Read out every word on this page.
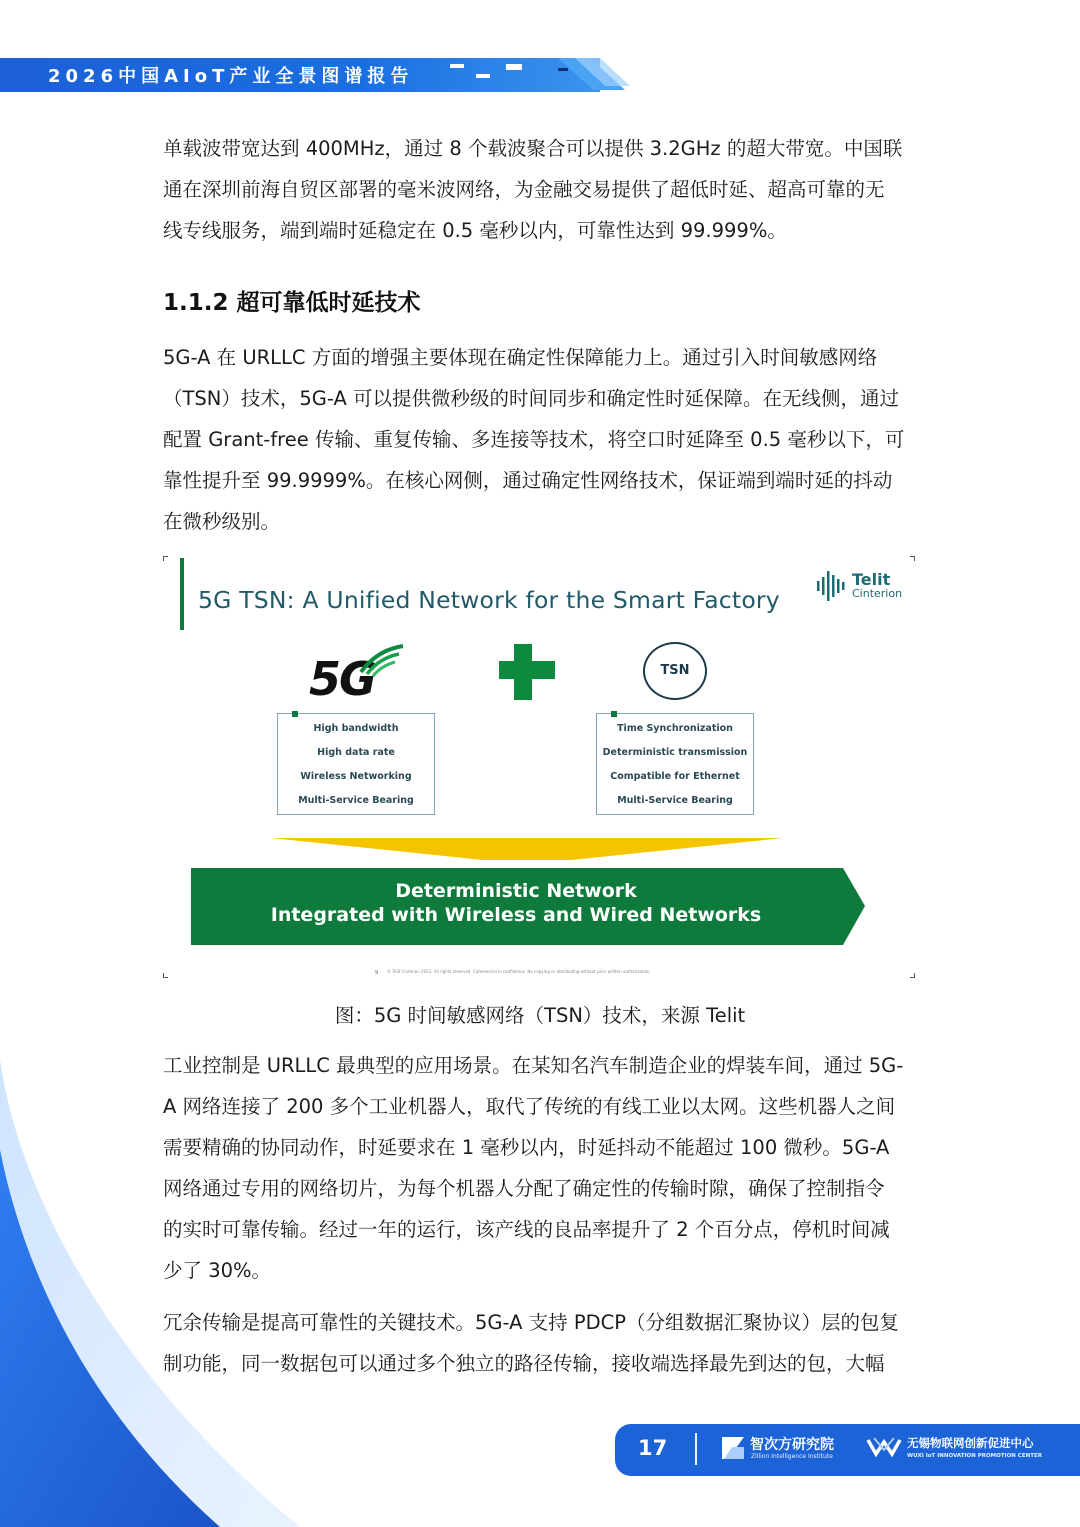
2026中国AIoT产业全景图谱报告

单载波带宽达到 400MHz，通过 8 个载波聚合可以提供 3.2GHz 的超大带宽。中国联

通在深圳前海自贸区部署的毫米波网络，为金融交易提供了超低时延、超高可靠的无

线专线服务，端到端时延稳定在 0.5 毫秒以内，可靠性达到 99.999%。

1.1.2 超可靠低时延技术

5G-A 在 URLLC 方面的增强主要体现在确定性保障能力上。通过引入时间敏感网络

（TSN）技术，5G-A 可以提供微秒级的时间同步和确定性时延保障。在无线侧，通过

配置 Grant-free 传输、重复传输、多连接等技术，将空口时延降至 0.5 毫秒以下，可

靠性提升至 99.9999%。在核心网侧，通过确定性网络技术，保证端到端时延的抖动

在微秒级别。

5G TSN: A Unified Network for the Smart Factory
Telit
Cinterion
5G	TSN
High bandwidth
High data rate
Wireless Networking
Multi-Service Bearing
Time Synchronization
Deterministic transmission
Compatible for Ethernet
Multi-Service Bearing
Deterministic Network
Integrated with Wireless and Wired Networks
9 © Telit Cinterion 2023. All rights reserved. Commercial in confidence. No copying or distributing without prior written authorization
图：5G 时间敏感网络（TSN）技术，来源 Telit

工业控制是 URLLC 最典型的应用场景。在某知名汽车制造企业的焊装车间，通过 5G-

A 网络连接了 200 多个工业机器人，取代了传统的有线工业以太网。这些机器人之间

需要精确的协同动作，时延要求在 1 毫秒以内，时延抖动不能超过 100 微秒。5G-A

网络通过专用的网络切片，为每个机器人分配了确定性的传输时隙，确保了控制指令

的实时可靠传输。经过一年的运行，该产线的良品率提升了 2 个百分点，停机时间减

少了 30%。

冗余传输是提高可靠性的关键技术。5G-A 支持 PDCP（分组数据汇聚协议）层的包复

制功能，同一数据包可以通过多个独立的路径传输，接收端选择最先到达的包，大幅

17	智次方研究院
Zillion Intelligence Institute
无锡物联网创新促进中心
WUXI IoT INNOVATION PROMOTION CENTER
